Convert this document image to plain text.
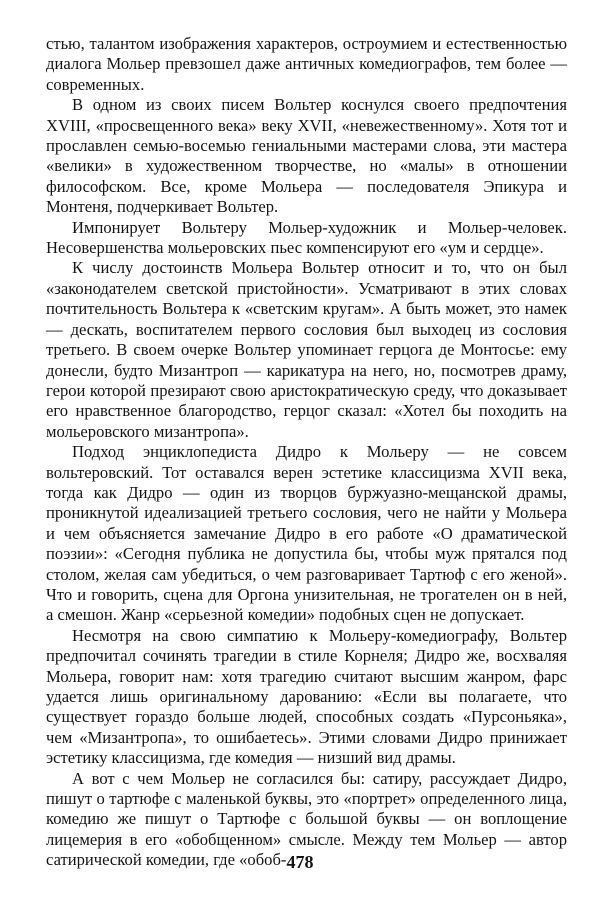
стью, талантом изображения характеров, остроумием и естественностью диалога Мольер превзошел даже античных комедиографов, тем более — современных.

В одном из своих писем Вольтер коснулся своего предпочтения XVIII, «просвещенного века» веку XVII, «невежественному». Хотя тот и прославлен семью-восемью гениальными мастерами слова, эти мастера «велики» в художественном творчестве, но «малы» в отношении философском. Все, кроме Мольера — последователя Эпикура и Монтеня, подчеркивает Вольтер.

Импонирует Вольтеру Мольер-художник и Мольер-человек. Несовершенства мольеровских пьес компенсируют его «ум и сердце».

К числу достоинств Мольера Вольтер относит и то, что он был «законодателем светской пристойности». Усматривают в этих словах почтительность Вольтера к «светским кругам». А быть может, это намек — дескать, воспитателем первого сословия был выходец из сословия третьего. В своем очерке Вольтер упоминает герцога де Монтосье: ему донесли, будто Мизантроп — карикатура на него, но, посмотрев драму, герои которой презирают свою аристократическую среду, что доказывает его нравственное благородство, герцог сказал: «Хотел бы походить на мольеровского мизантропа».

Подход энциклопедиста Дидро к Мольеру — не совсем вольтеровский. Тот оставался верен эстетике классицизма XVII века, тогда как Дидро — один из творцов буржуазно-мещанской драмы, проникнутой идеализацией третьего сословия, чего не найти у Мольера и чем объясняется замечание Дидро в его работе «О драматической поэзии»: «Сегодня публика не допустила бы, чтобы муж прятался под столом, желая сам убедиться, о чем разговаривает Тартюф с его женой». Что и говорить, сцена для Оргона унизительная, не трогателен он в ней, а смешон. Жанр «серьезной комедии» подобных сцен не допускает.

Несмотря на свою симпатию к Мольеру-комедиографу, Вольтер предпочитал сочинять трагедии в стиле Корнеля; Дидро же, восхваляя Мольера, говорит нам: хотя трагедию считают высшим жанром, фарс удается лишь оригинальному дарованию: «Если вы полагаете, что существует гораздо больше людей, способных создать «Пурсоньяка», чем «Мизантропа», то ошибаетесь». Этими словами Дидро принижает эстетику классицизма, где комедия — низший вид драмы.

А вот с чем Мольер не согласился бы: сатиру, рассуждает Дидро, пишут о тартюфе с маленькой буквы, это «портрет» определенного лица, комедию же пишут о Тартюфе с большой буквы — он воплощение лицемерия в его «обобщенном» смысле. Между тем Мольер — автор сатирической комедии, где «обоб- 478
